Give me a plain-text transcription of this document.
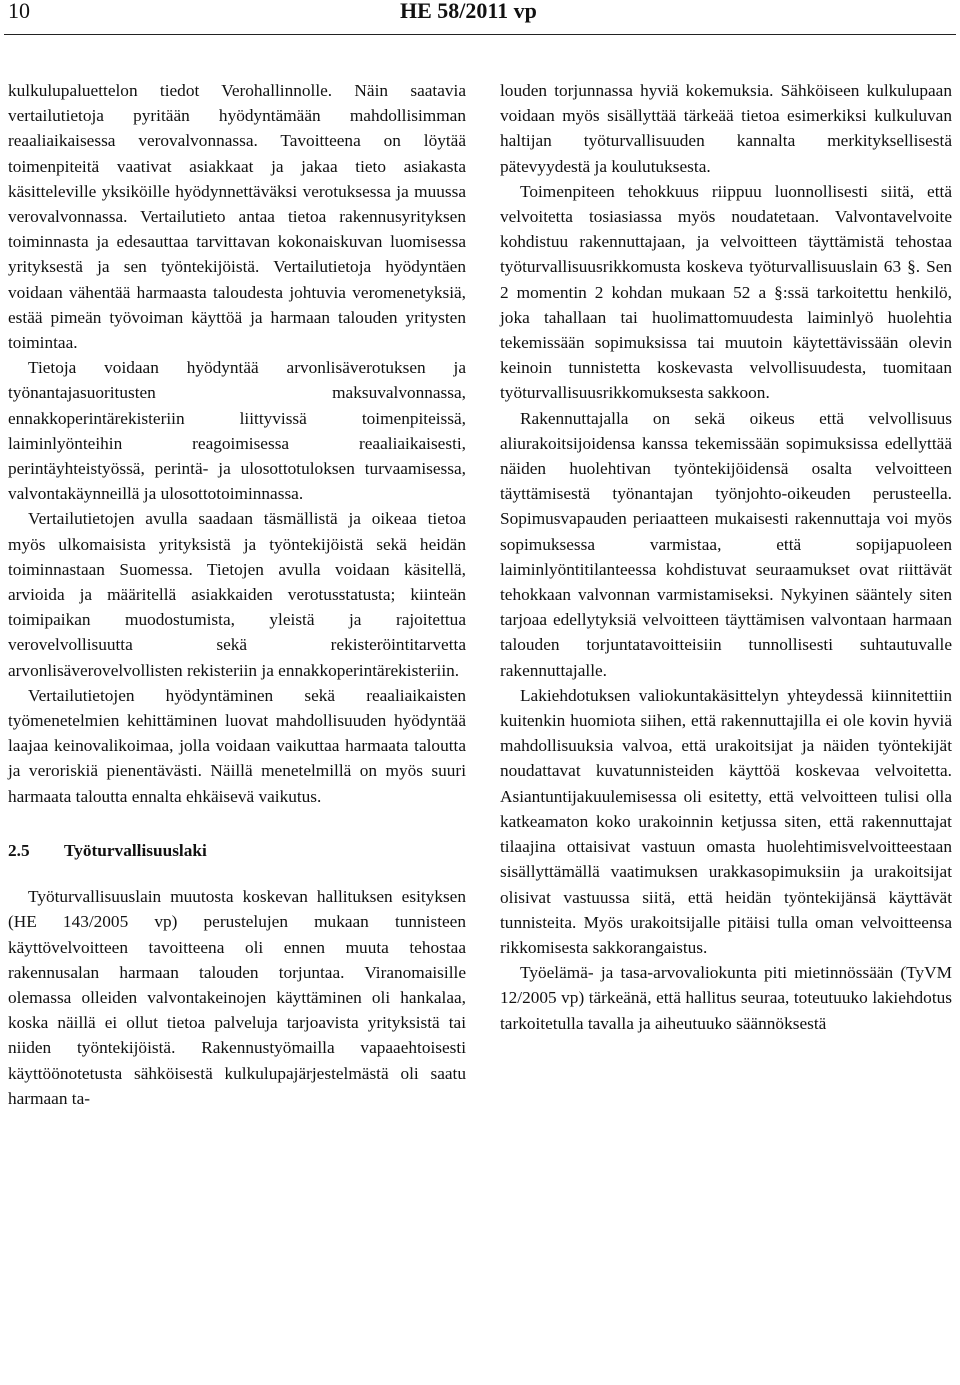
10	HE 58/2011 vp

kulkulupaluettelon tiedot Verohallinnolle. Näin saatavia vertailutietoja pyritään hyödyntämään mahdollisimman reaaliaikaisessa verovalvonnassa. Tavoitteena on löytää toimenpiteitä vaativat asiakkaat ja jakaa tieto asiakasta käsitteleville yksiköille hyödynnettäväksi verotuksessa ja muussa verovalvonnassa. Vertailutieto antaa tietoa rakennusyrityksen toiminnasta ja edesauttaa tarvittavan kokonaiskuvan luomisessa yrityksestä ja sen työntekijöistä. Vertailutietoja hyödyntäen voidaan vähentää harmaasta taloudesta johtuvia veromenetyksiä, estää pimeän työvoiman käyttöä ja harmaan talouden yritysten toimintaa.

Tietoja voidaan hyödyntää arvonlisäverotuksen ja työnantajasuoritusten maksuvalvonnassa, ennakkoperintärekisteriin liittyvissä toimenpiteissä, laiminlyönteihin reagoimisessa reaaliaikaisesti, perintäyhteistyössä, perintä- ja ulosottotuloksen turvaamisessa, valvontakäynneillä ja ulosottotoiminnassa.

Vertailutietojen avulla saadaan täsmällistä ja oikeaa tietoa myös ulkomaisista yrityksistä ja työntekijöistä sekä heidän toiminnastaan Suomessa. Tietojen avulla voidaan käsitellä, arvioida ja määritellä asiakkaiden verotusstatusta; kiinteän toimipaikan muodostumista, yleistä ja rajoitettua verovelvollisuutta sekä rekisteröintitarvetta arvonlisäverovelvollisten rekisteriin ja ennakkoperintärekisteriin.

Vertailutietojen hyödyntäminen sekä reaaliaikaisten työmenetelmien kehittäminen luovat mahdollisuuden hyödyntää laajaa keinovalikoimaa, jolla voidaan vaikuttaa harmaata taloutta ja veroriskiä pienentävästi. Näillä menetelmillä on myös suuri harmaata taloutta ennalta ehkäisevä vaikutus.

2.5 Työturvallisuuslaki

Työturvallisuuslain muutosta koskevan hallituksen esityksen (HE 143/2005 vp) perustelujen mukaan tunnisteen käyttövelvoitteen tavoitteena oli ennen muuta tehostaa rakennusalan harmaan talouden torjuntaa. Viranomaisille olemassa olleiden valvontakeinojen käyttäminen oli hankalaa, koska näillä ei ollut tietoa palveluja tarjoavista yrityksistä tai niiden työntekijöistä. Rakennustyömailla vapaaehtoisesti käyttöönotetusta sähköisestä kulkulupajärjestelmästä oli saatu harmaan ta-

louden torjunnassa hyviä kokemuksia. Sähköiseen kulkulupaan voidaan myös sisällyttää tärkeää tietoa esimerkiksi kulkuluvan haltijan työturvallisuuden kannalta merkityksellisestä pätevyydestä ja koulutuksesta.

Toimenpiteen tehokkuus riippuu luonnollisesti siitä, että velvoitetta tosiasiassa myös noudatetaan. Valvontavelvoite kohdistuu rakennuttajaan, ja velvoitteen täyttämistä tehostaa työturvallisuusrikkomusta koskeva työturvallisuuslain 63 §. Sen 2 momentin 2 kohdan mukaan 52 a §:ssä tarkoitettu henkilö, joka tahallaan tai huolimattomuudesta laiminlyö huolehtia tekemissään sopimuksissa tai muutoin käytettävissään olevin keinoin tunnistetta koskevasta velvollisuudesta, tuomitaan työturvallisuusrikkomuksesta sakkoon.

Rakennuttajalla on sekä oikeus että velvollisuus aliurakoitsijoidensa kanssa tekemissään sopimuksissa edellyttää näiden huolehtivan työntekijöidensä osalta velvoitteen täyttämisestä työnantajan työnjohto-oikeuden perusteella. Sopimusvapauden periaatteen mukaisesti rakennuttaja voi myös sopimuksessa varmistaa, että sopijapuoleen laiminlyöntitilanteessa kohdistuvat seuraamukset ovat riittävät tehokkaan valvonnan varmistamiseksi. Nykyinen sääntely siten tarjoaa edellytyksiä velvoitteen täyttämisen valvontaan harmaan talouden torjuntatavoitteisiin tunnollisesti suhtautuvalle rakennuttajalle.

Lakiehdotuksen valiokuntakäsittelyn yhteydessä kiinnitettiin kuitenkin huomiota siihen, että rakennuttajilla ei ole kovin hyviä mahdollisuuksia valvoa, että urakoitsijat ja näiden työntekijät noudattavat kuvatunnisteiden käyttöä koskevaa velvoitetta. Asiantuntijakuulemisessa oli esitetty, että velvoitteen tulisi olla katkeamaton koko urakoinnin ketjussa siten, että rakennuttajat tilaajina ottaisivat vastuun omasta huolehtimisvelvoitteestaan sisällyttämällä vaatimuksen urakkasopimuksiin ja urakoitsijat olisivat vastuussa siitä, että heidän työntekijänsä käyttävät tunnisteita. Myös urakoitsijalle pitäisi tulla oman velvoitteensa rikkomisesta sakkorangaistus.

Työelämä- ja tasa-arvovaliokunta piti mietinnössään (TyVM 12/2005 vp) tärkeänä, että hallitus seuraa, toteutuuko lakiehdotus tarkoitetulla tavalla ja aiheutuuko säännöksestä
